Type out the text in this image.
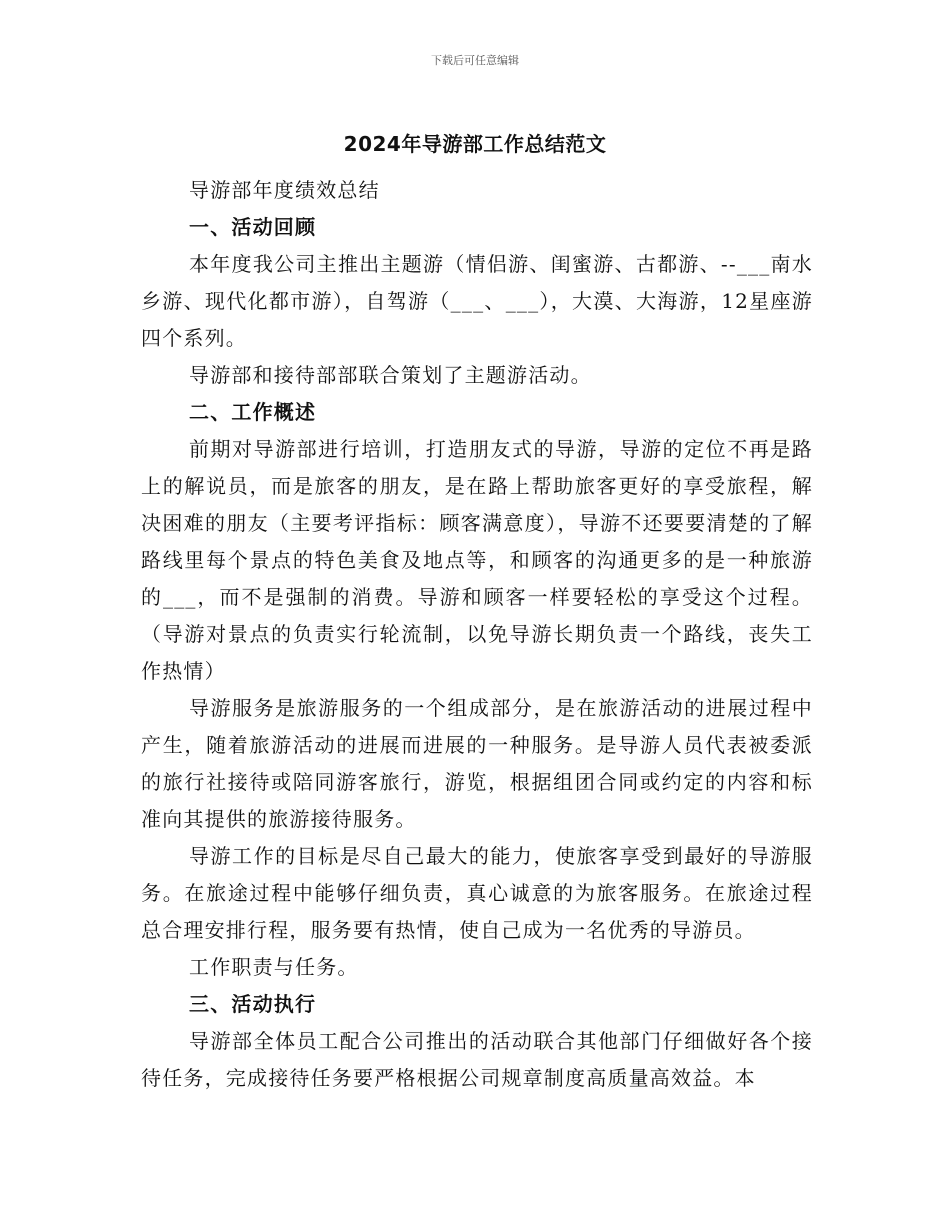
下载后可任意编辑
2024年导游部工作总结范文

导游部年度绩效总结

一、活动回顾

本年度我公司主推出主题游（情侣游、闺蜜游、古都游、--___南水乡游、现代化都市游），自驾游（___、___），大漠、大海游，12星座游四个系列。

导游部和接待部部联合策划了主题游活动。

二、工作概述

前期对导游部进行培训，打造朋友式的导游，导游的定位不再是路上的解说员，而是旅客的朋友，是在路上帮助旅客更好的享受旅程，解决困难的朋友（主要考评指标：顾客满意度），导游不还要要清楚的了解路线里每个景点的特色美食及地点等，和顾客的沟通更多的是一种旅游的___，而不是强制的消费。导游和顾客一样要轻松的享受这个过程。（导游对景点的负责实行轮流制，以免导游长期负责一个路线，丧失工作热情）

导游服务是旅游服务的一个组成部分，是在旅游活动的进展过程中产生，随着旅游活动的进展而进展的一种服务。是导游人员代表被委派的旅行社接待或陪同游客旅行，游览，根据组团合同或约定的内容和标准向其提供的旅游接待服务。

导游工作的目标是尽自己最大的能力，使旅客享受到最好的导游服务。在旅途过程中能够仔细负责，真心诚意的为旅客服务。在旅途过程总合理安排行程，服务要有热情，使自己成为一名优秀的导游员。

工作职责与任务。

三、活动执行

导游部全体员工配合公司推出的活动联合其他部门仔细做好各个接待任务，完成接待任务要严格根据公司规章制度高质量高效益。本
